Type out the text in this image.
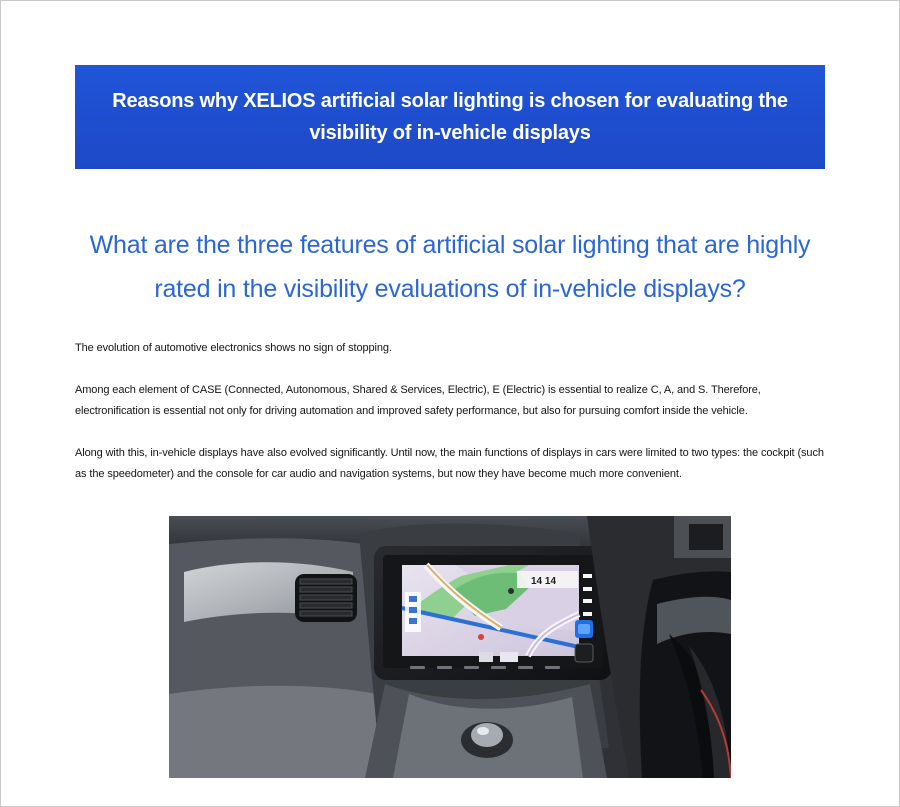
Reasons why XELIOS artificial solar lighting is chosen for evaluating the visibility of in-vehicle displays
What are the three features of artificial solar lighting that are highly rated in the visibility evaluations of in-vehicle displays?

The evolution of automotive electronics shows no sign of stopping.

Among each element of CASE (Connected, Autonomous, Shared & Services, Electric), E (Electric) is essential to realize C, A, and S. Therefore, electronification is essential not only for driving automation and improved safety performance, but also for pursuing comfort inside the vehicle.

Along with this, in-vehicle displays have also evolved significantly. Until now, the main functions of displays in cars were limited to two types: the cockpit (such as the speedometer) and the console for car audio and navigation systems, but now they have become much more convenient.

14 14
